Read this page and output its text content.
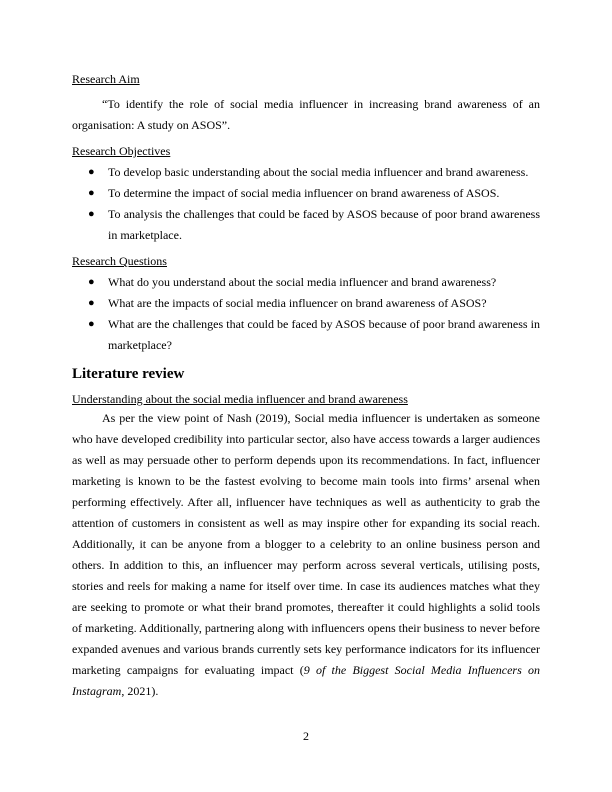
Research Aim
“To identify the role of social media influencer in increasing brand awareness of an organisation: A study on ASOS”.
Research Objectives
● To develop basic understanding about the social media influencer and brand awareness.
● To determine the impact of social media influencer on brand awareness of ASOS.
● To analysis the challenges that could be faced by ASOS because of poor brand awareness in marketplace.
Research Questions
● What do you understand about the social media influencer and brand awareness?
● What are the impacts of social media influencer on brand awareness of ASOS?
● What are the challenges that could be faced by ASOS because of poor brand awareness in marketplace?
Literature review
Understanding about the social media influencer and brand awareness
As per the view point of Nash (2019), Social media influencer is undertaken as someone who have developed credibility into particular sector, also have access towards a larger audiences as well as may persuade other to perform depends upon its recommendations. In fact, influencer marketing is known to be the fastest evolving to become main tools into firms’ arsenal when performing effectively. After all, influencer have techniques as well as authenticity to grab the attention of customers in consistent as well as may inspire other for expanding its social reach. Additionally, it can be anyone from a blogger to a celebrity to an online business person and others. In addition to this, an influencer may perform across several verticals, utilising posts, stories and reels for making a name for itself over time. In case its audiences matches what they are seeking to promote or what their brand promotes, thereafter it could highlights a solid tools of marketing. Additionally, partnering along with influencers opens their business to never before expanded avenues and various brands currently sets key performance indicators for its influencer marketing campaigns for evaluating impact (9 of the Biggest Social Media Influencers on Instagram, 2021).
2
